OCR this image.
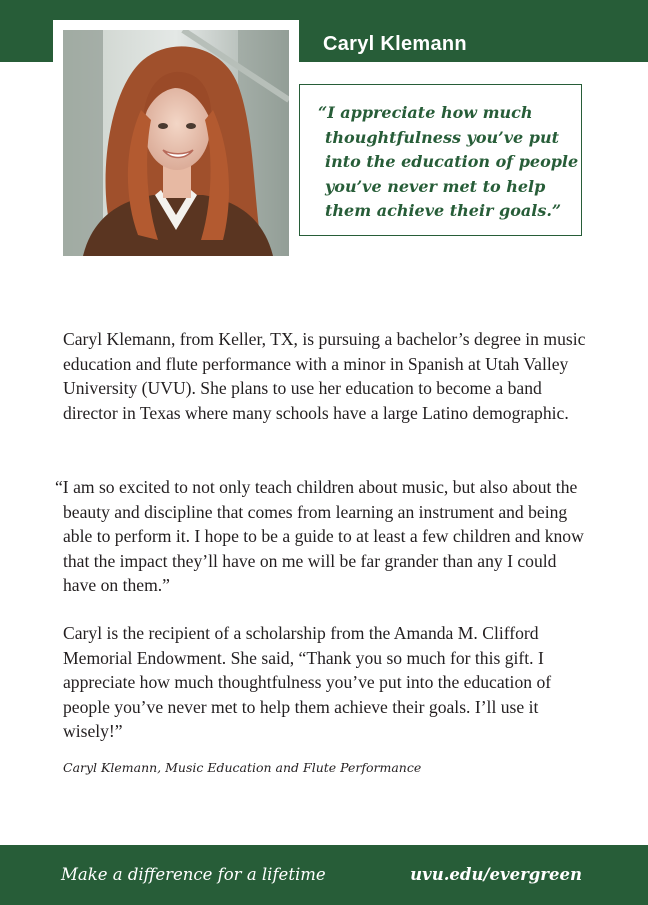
Caryl Klemann

“I appreciate how much thoughtfulness you’ve put into the education of people you’ve never met to help them achieve their goals.”

Caryl Klemann, from Keller, TX, is pursuing a bachelor’s degree in music education and flute performance with a minor in Spanish at Utah Valley University (UVU). She plans to use her education to become a band director in Texas where many schools have a large Latino demographic.

“I am so excited to not only teach children about music, but also about the beauty and discipline that comes from learning an instrument and being able to perform it. I hope to be a guide to at least a few children and know that the impact they’ll have on me will be far grander than any I could have on them.”

Caryl is the recipient of a scholarship from the Amanda M. Clifford Memorial Endowment. She said, “Thank you so much for this gift. I appreciate how much thoughtfulness you’ve put into the education of people you’ve never met to help them achieve their goals. I’ll use it wisely!”

Caryl Klemann, Music Education and Flute Performance

Make a difference for a lifetime	uvu.edu/evergreen
